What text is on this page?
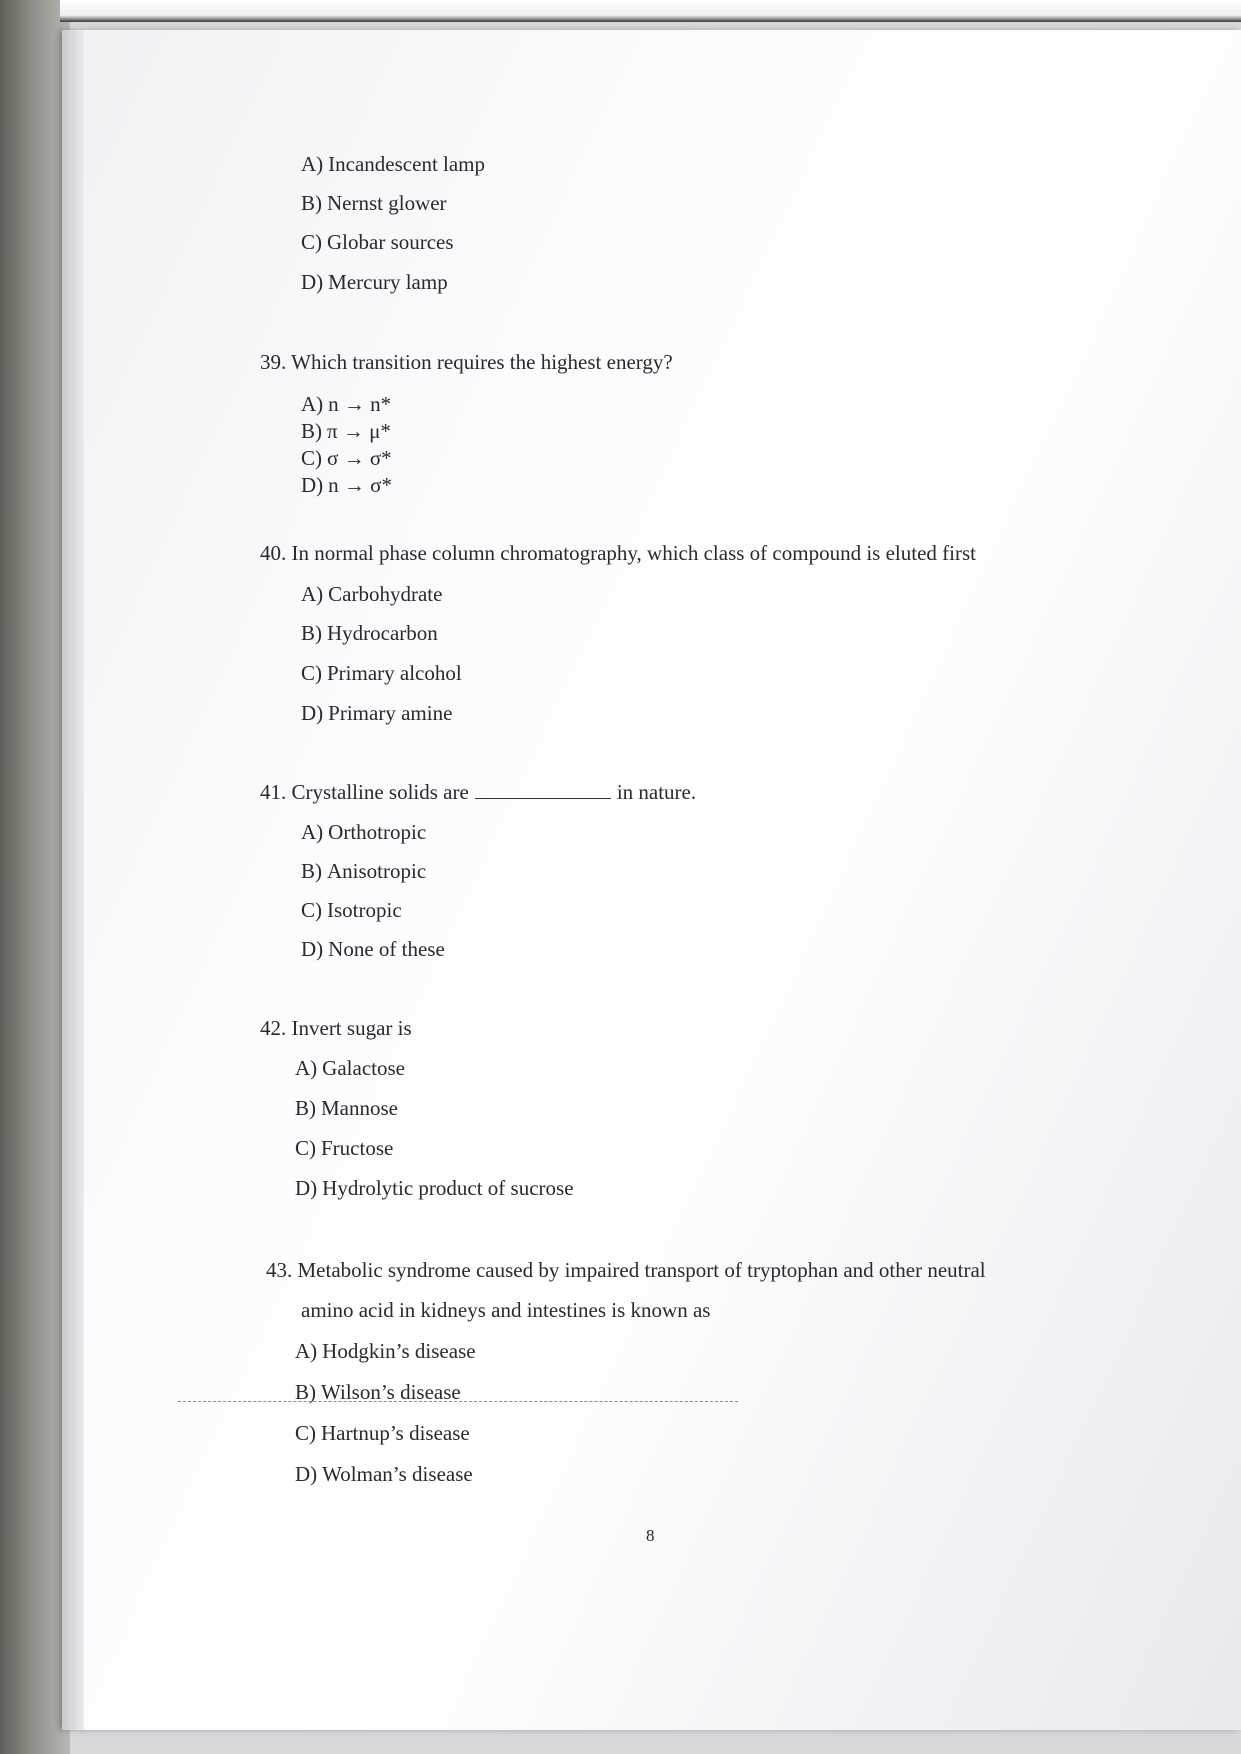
A) Incandescent lamp
B) Nernst glower
C) Globar sources
D) Mercury lamp
39. Which transition requires the highest energy?
A) n → n*
B) π → μ*
C) σ → σ*
D) n → σ*
40. In normal phase column chromatography, which class of compound is eluted first
A) Carbohydrate
B) Hydrocarbon
C) Primary alcohol
D) Primary amine
41. Crystalline solids are	in nature.
A) Orthotropic
B) Anisotropic
C) Isotropic
D) None of these
42. Invert sugar is
A) Galactose
B) Mannose
C) Fructose
D) Hydrolytic product of sucrose
43. Metabolic syndrome caused by impaired transport of tryptophan and other neutral
amino acid in kidneys and intestines is known as
A) Hodgkin’s disease
B) Wilson’s disease
C) Hartnup’s disease
D) Wolman’s disease
8
